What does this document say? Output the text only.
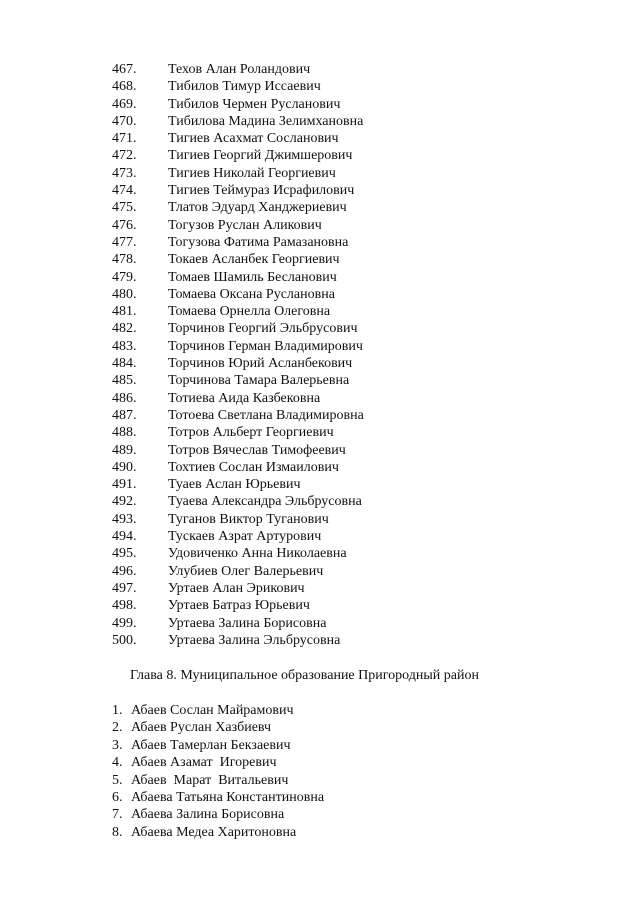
467. Техов Алан Роландович
468. Тибилов Тимур Иссаевич
469. Тибилов Чермен Русланович
470. Тибилова Мадина Зелимхановна
471. Тигиев Асахмат Сосланович
472. Тигиев Георгий Джимшерович
473. Тигиев Николай Георгиевич
474. Тигиев Теймураз Исрафилович
475. Тлатов Эдуард Ханджериевич
476. Тогузов Руслан Аликович
477. Тогузова Фатима Рамазановна
478. Токаев Асланбек Георгиевич
479. Томаев Шамиль Бесланович
480. Томаева Оксана Руслановна
481. Томаева Орнелла Олеговна
482. Торчинов Георгий Эльбрусович
483. Торчинов Герман Владимирович
484. Торчинов Юрий Асланбекович
485. Торчинова Тамара Валерьевна
486. Тотиева Аида Казбековна
487. Тотоева Светлана Владимировна
488. Тотров Альберт Георгиевич
489. Тотров Вячеслав Тимофеевич
490. Тохтиев Сослан Измаилович
491. Туаев Аслан Юрьевич
492. Туаева Александра Эльбрусовна
493. Туганов Виктор Туганович
494. Тускаев Азрат Артурович
495. Удовиченко Анна Николаевна
496. Улубиев Олег Валерьевич
497. Уртаев Алан Эрикович
498. Уртаев Батраз Юрьевич
499. Уртаева Залина Борисовна
500. Уртаева Залина Эльбрусовна
Глава 8. Муниципальное образование Пригородный район
1. Абаев Сослан Майрамович
2. Абаев Руслан Хазбиевч
3. Абаев Тамерлан Бекзаевич
4. Абаев Азамат  Игоревич
5. Абаев  Марат  Витальевич
6. Абаева Татьяна Константиновна
7. Абаева Залина Борисовна
8. Абаева Медеа Харитоновна
